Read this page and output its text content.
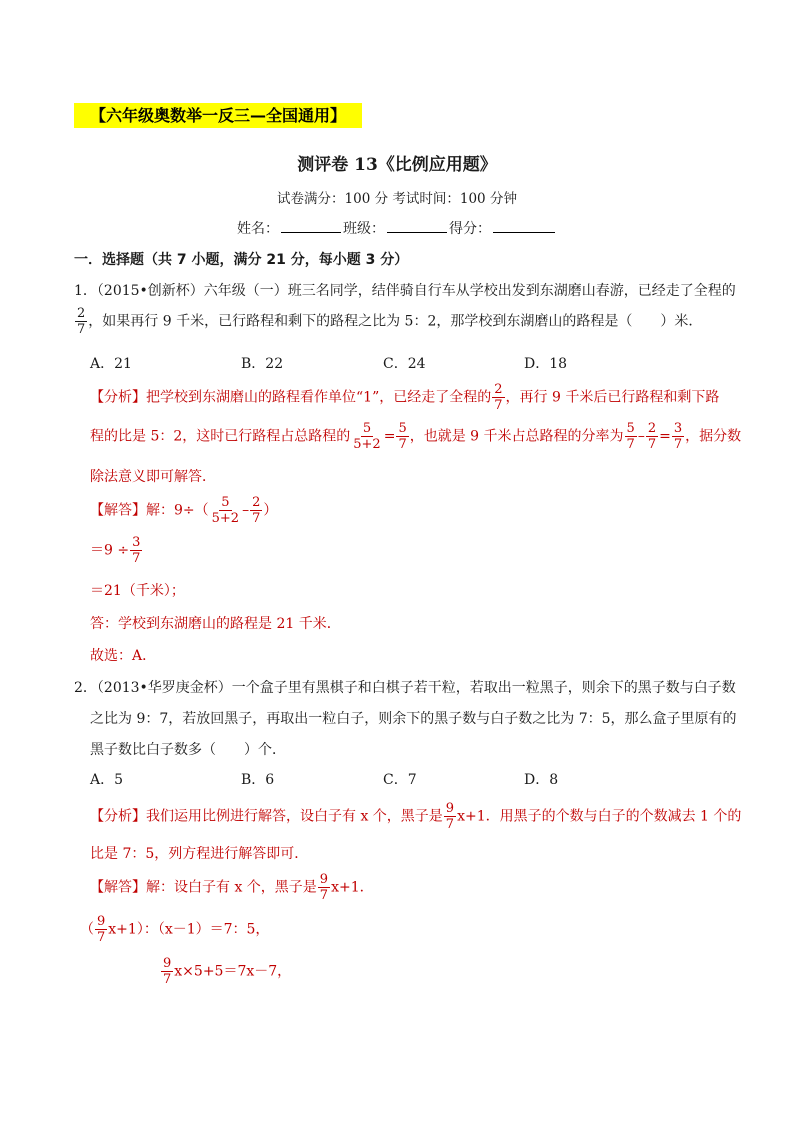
【六年级奥数举一反三—全国通用】
测评卷 13《比例应用题》
试卷满分：100 分 考试时间：100 分钟
姓名：	班级：	得分：
一．选择题（共 7 小题，满分 21 分，每小题 3 分）
1．（2015•创新杯）六年级（一）班三名同学，结伴骑自行车从学校出发到东湖磨山春游，已经走了全程的
$\frac{2}{7}$ ，如果再行 9 千米，已行路程和剩下的路程之比为 5：2，那学校到东湖磨山的路程是（　　）米．
A．21	B．22	C．24	D．18
【分析】把学校到东湖磨山的路程看作单位“1”，已经走了全程的 $\frac{2}{7}$ ，再行 9 千米后已行路程和剩下路
程的比是 5：2，这时已行路程占总路程的 $\frac{5}{5+2} = \frac{5}{7}$ ，也就是 9 千米占总路程的分率为 $\frac{5}{7} - \frac{2}{7} = \frac{3}{7}$ ，据分数
除法意义即可解答．
【解答】解：$9\div( \frac{5}{5+2} - \frac{2}{7}$ ）
$=9 \div \frac{3}{7}$
＝21（千米）；
答：学校到东湖磨山的路程是 21 千米．
故选：A．
2．（2013•华罗庚金杯）一个盒子里有黑棋子和白棋子若干粒，若取出一粒黑子，则余下的黑子数与白子数
之比为 9：7，若放回黑子，再取出一粒白子，则余下的黑子数与白子数之比为 7：5，那么盒子里原有的
黑子数比白子数多（　　）个．
A．5	B．6	C．7	D．8
【分析】我们运用比例进行解答，设白子有 x 个，黑子是 $\frac{9}{7} x+1$．用黑子的个数与白子的个数减去 1 个的
比是 7：5，列方程进行解答即可．
【解答】解：设白子有 x 个，黑子是 $\frac{9}{7} x+1$．
（ $\frac{9}{7} x+1$）：（x－1）＝7：5，
$\frac{9}{7} x\times 5+5=7x-7$，
